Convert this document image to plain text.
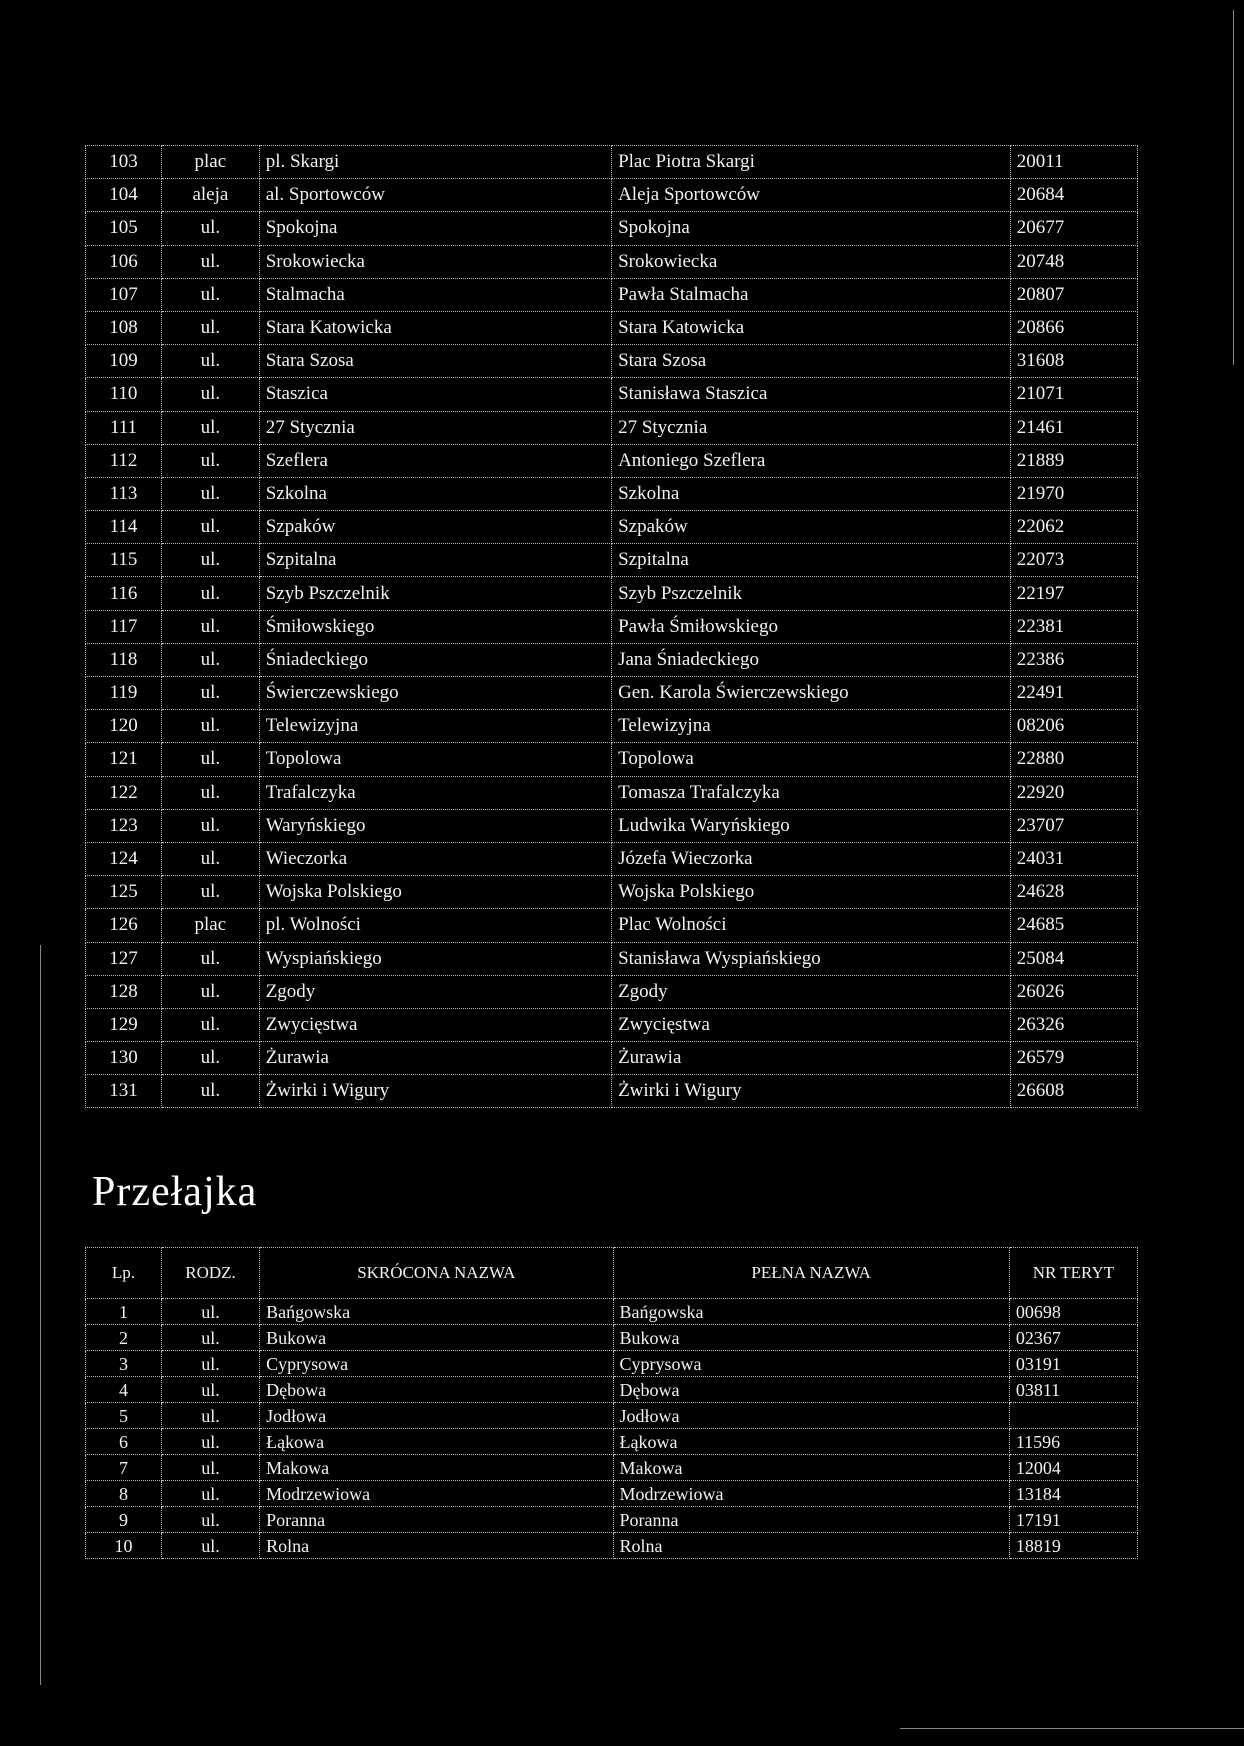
103	plac	pl. Skargi	Plac Piotra Skargi	20011
104	aleja	al. Sportowców	Aleja Sportowców	20684
105	ul.	Spokojna	Spokojna	20677
106	ul.	Srokowiecka	Srokowiecka	20748
107	ul.	Stalmacha	Pawła Stalmacha	20807
108	ul.	Stara Katowicka	Stara Katowicka	20866
109	ul.	Stara Szosa	Stara Szosa	31608
110	ul.	Staszica	Stanisława Staszica	21071
111	ul.	27 Stycznia	27 Stycznia	21461
112	ul.	Szeflera	Antoniego Szeflera	21889
113	ul.	Szkolna	Szkolna	21970
114	ul.	Szpaków	Szpaków	22062
115	ul.	Szpitalna	Szpitalna	22073
116	ul.	Szyb Pszczelnik	Szyb Pszczelnik	22197
117	ul.	Śmiłowskiego	Pawła Śmiłowskiego	22381
118	ul.	Śniadeckiego	Jana Śniadeckiego	22386
119	ul.	Świerczewskiego	Gen. Karola Świerczewskiego	22491
120	ul.	Telewizyjna	Telewizyjna	08206
121	ul.	Topolowa	Topolowa	22880
122	ul.	Trafalczyka	Tomasza Trafalczyka	22920
123	ul.	Waryńskiego	Ludwika Waryńskiego	23707
124	ul.	Wieczorka	Józefa Wieczorka	24031
125	ul.	Wojska Polskiego	Wojska Polskiego	24628
126	plac	pl. Wolności	Plac Wolności	24685
127	ul.	Wyspiańskiego	Stanisława Wyspiańskiego	25084
128	ul.	Zgody	Zgody	26026
129	ul.	Zwycięstwa	Zwycięstwa	26326
130	ul.	Żurawia	Żurawia	26579
131	ul.	Żwirki i Wigury	Żwirki i Wigury	26608
Przełajka
Lp.	RODZ.	SKRÓCONA NAZWA	PEŁNA NAZWA	NR TERYT
1	ul.	Bańgowska	Bańgowska	00698
2	ul.	Bukowa	Bukowa	02367
3	ul.	Cyprysowa	Cyprysowa	03191
4	ul.	Dębowa	Dębowa	03811
5	ul.	Jodłowa	Jodłowa	
6	ul.	Łąkowa	Łąkowa	11596
7	ul.	Makowa	Makowa	12004
8	ul.	Modrzewiowa	Modrzewiowa	13184
9	ul.	Poranna	Poranna	17191
10	ul.	Rolna	Rolna	18819
